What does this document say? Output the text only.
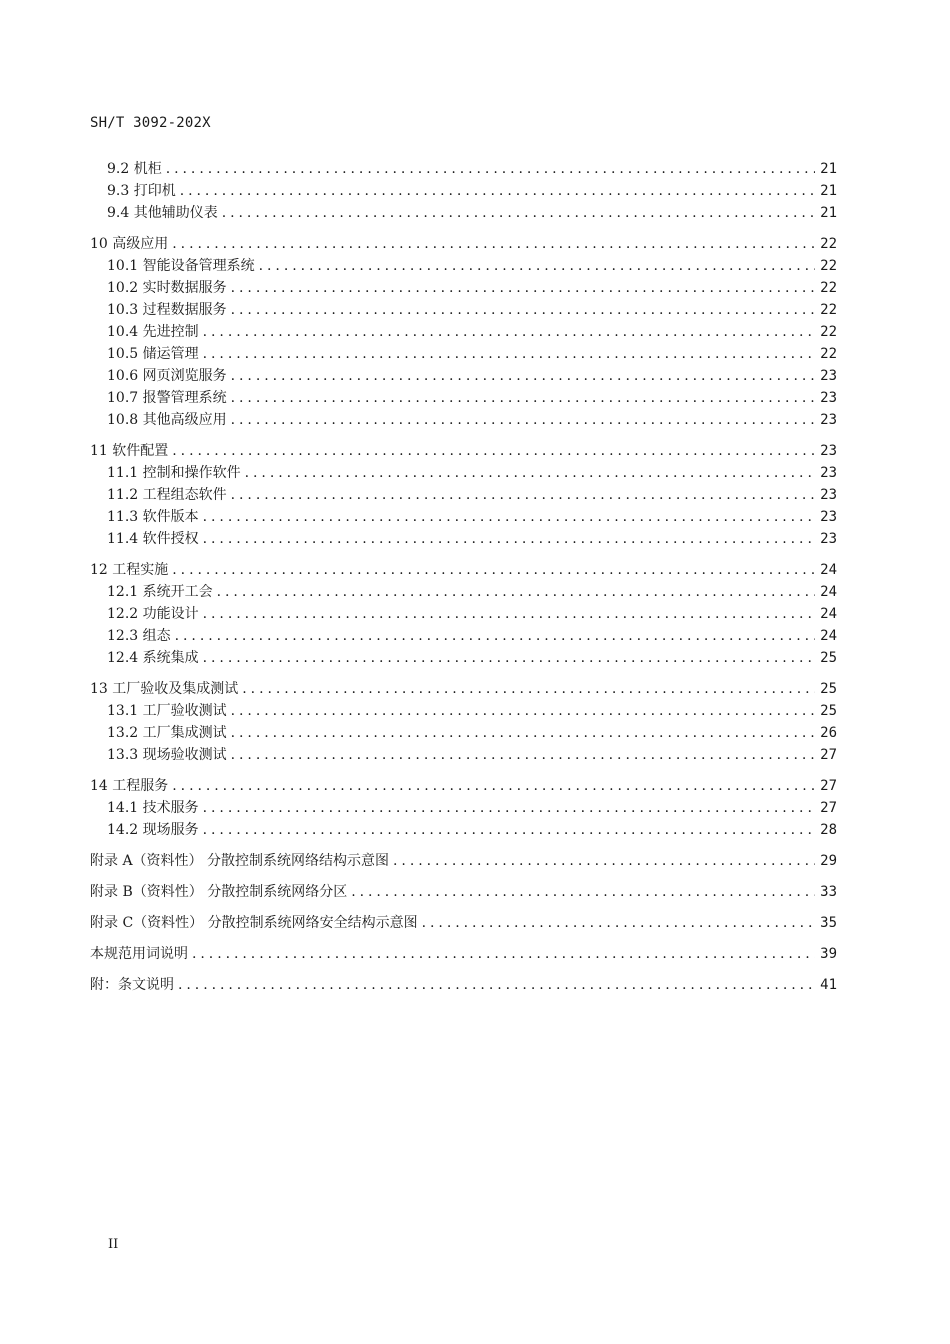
SH/T 3092-202X
9.2 机柜 . . .	21
9.3 打印机 . . .	21
9.4 其他辅助仪表 . . .	21
10 高级应用 . . .	22
10.1 智能设备管理系统 . . .	22
10.2 实时数据服务 . . .	22
10.3 过程数据服务 . . .	22
10.4 先进控制 . . .	22
10.5 储运管理 . . .	22
10.6 网页浏览服务 . . .	23
10.7 报警管理系统 . . .	23
10.8 其他高级应用 . . .	23
11 软件配置 . . .	23
11.1 控制和操作软件 . . .	23
11.2 工程组态软件 . . .	23
11.3 软件版本 . . .	23
11.4 软件授权 . . .	23
12 工程实施 . . .	24
12.1 系统开工会 . . .	24
12.2 功能设计 . . .	24
12.3 组态 . . .	24
12.4 系统集成 . . .	25
13 工厂验收及集成测试 . . .	25
13.1 工厂验收测试 . . .	25
13.2 工厂集成测试 . . .	26
13.3 现场验收测试 . . .	27
14 工程服务 . . .	27
14.1 技术服务 . . .	27
14.2 现场服务 . . .	28
附录 A（资料性） 分散控制系统网络结构示意图 . . .	29
附录 B（资料性） 分散控制系统网络分区 . . .	33
附录 C（资料性） 分散控制系统网络安全结构示意图 . . .	35
本规范用词说明 . . .	39
附：条文说明 . . .	41
II
